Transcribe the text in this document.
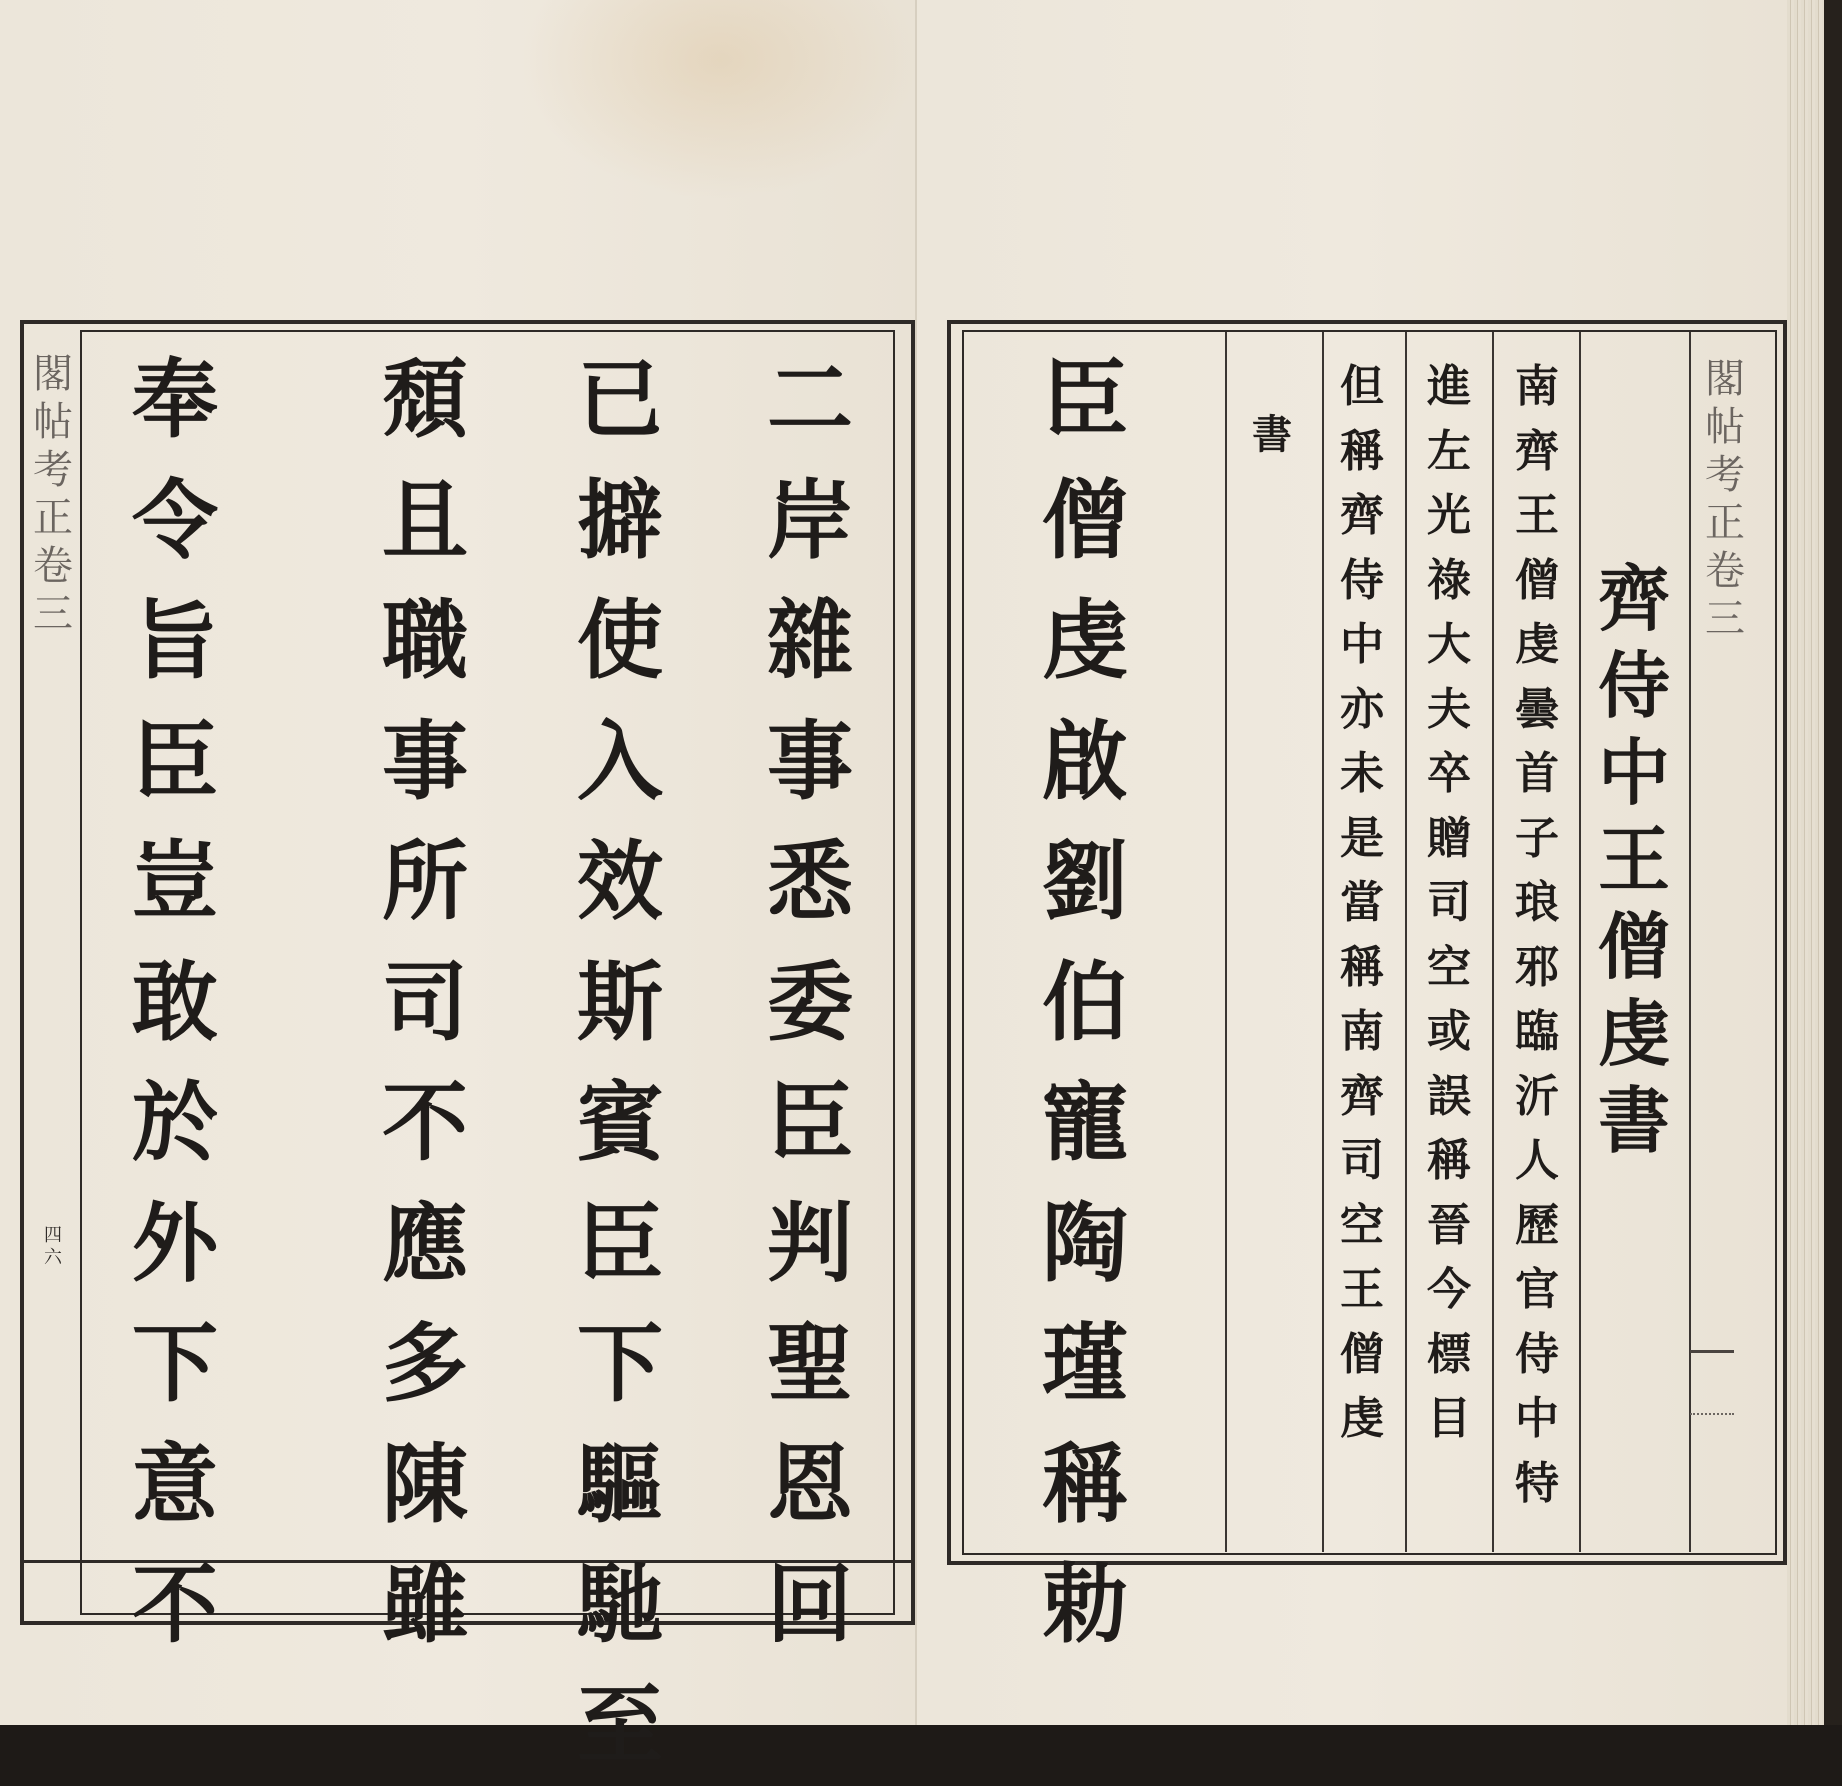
閣
帖
考
正
卷
三
四
六
二
岸
雜
事
悉
委
臣
判
聖
恩
回
已
擗
使
入
效
斯
賓
臣
下
驅
馳
至
頹
且
職
事
所
司
不
應
多
陳
雖
奉
令
旨
臣
豈
敢
於
外
下
意
不
臣
僧
虔
啟
劉
伯
寵
陶
瑾
稱
勅
書
但
稱
齊
侍
中
亦
未
是
當
稱
南
齊
司
空
王
僧
虔
進
左
光
祿
大
夫
卒
贈
司
空
或
誤
稱
晉
今
標
目
南
齊
王
僧
虔
曇
首
子
琅
邪
臨
沂
人
歷
官
侍
中
特
齊
侍
中
王
僧
虔
書
閣
帖
考
正
卷
三
